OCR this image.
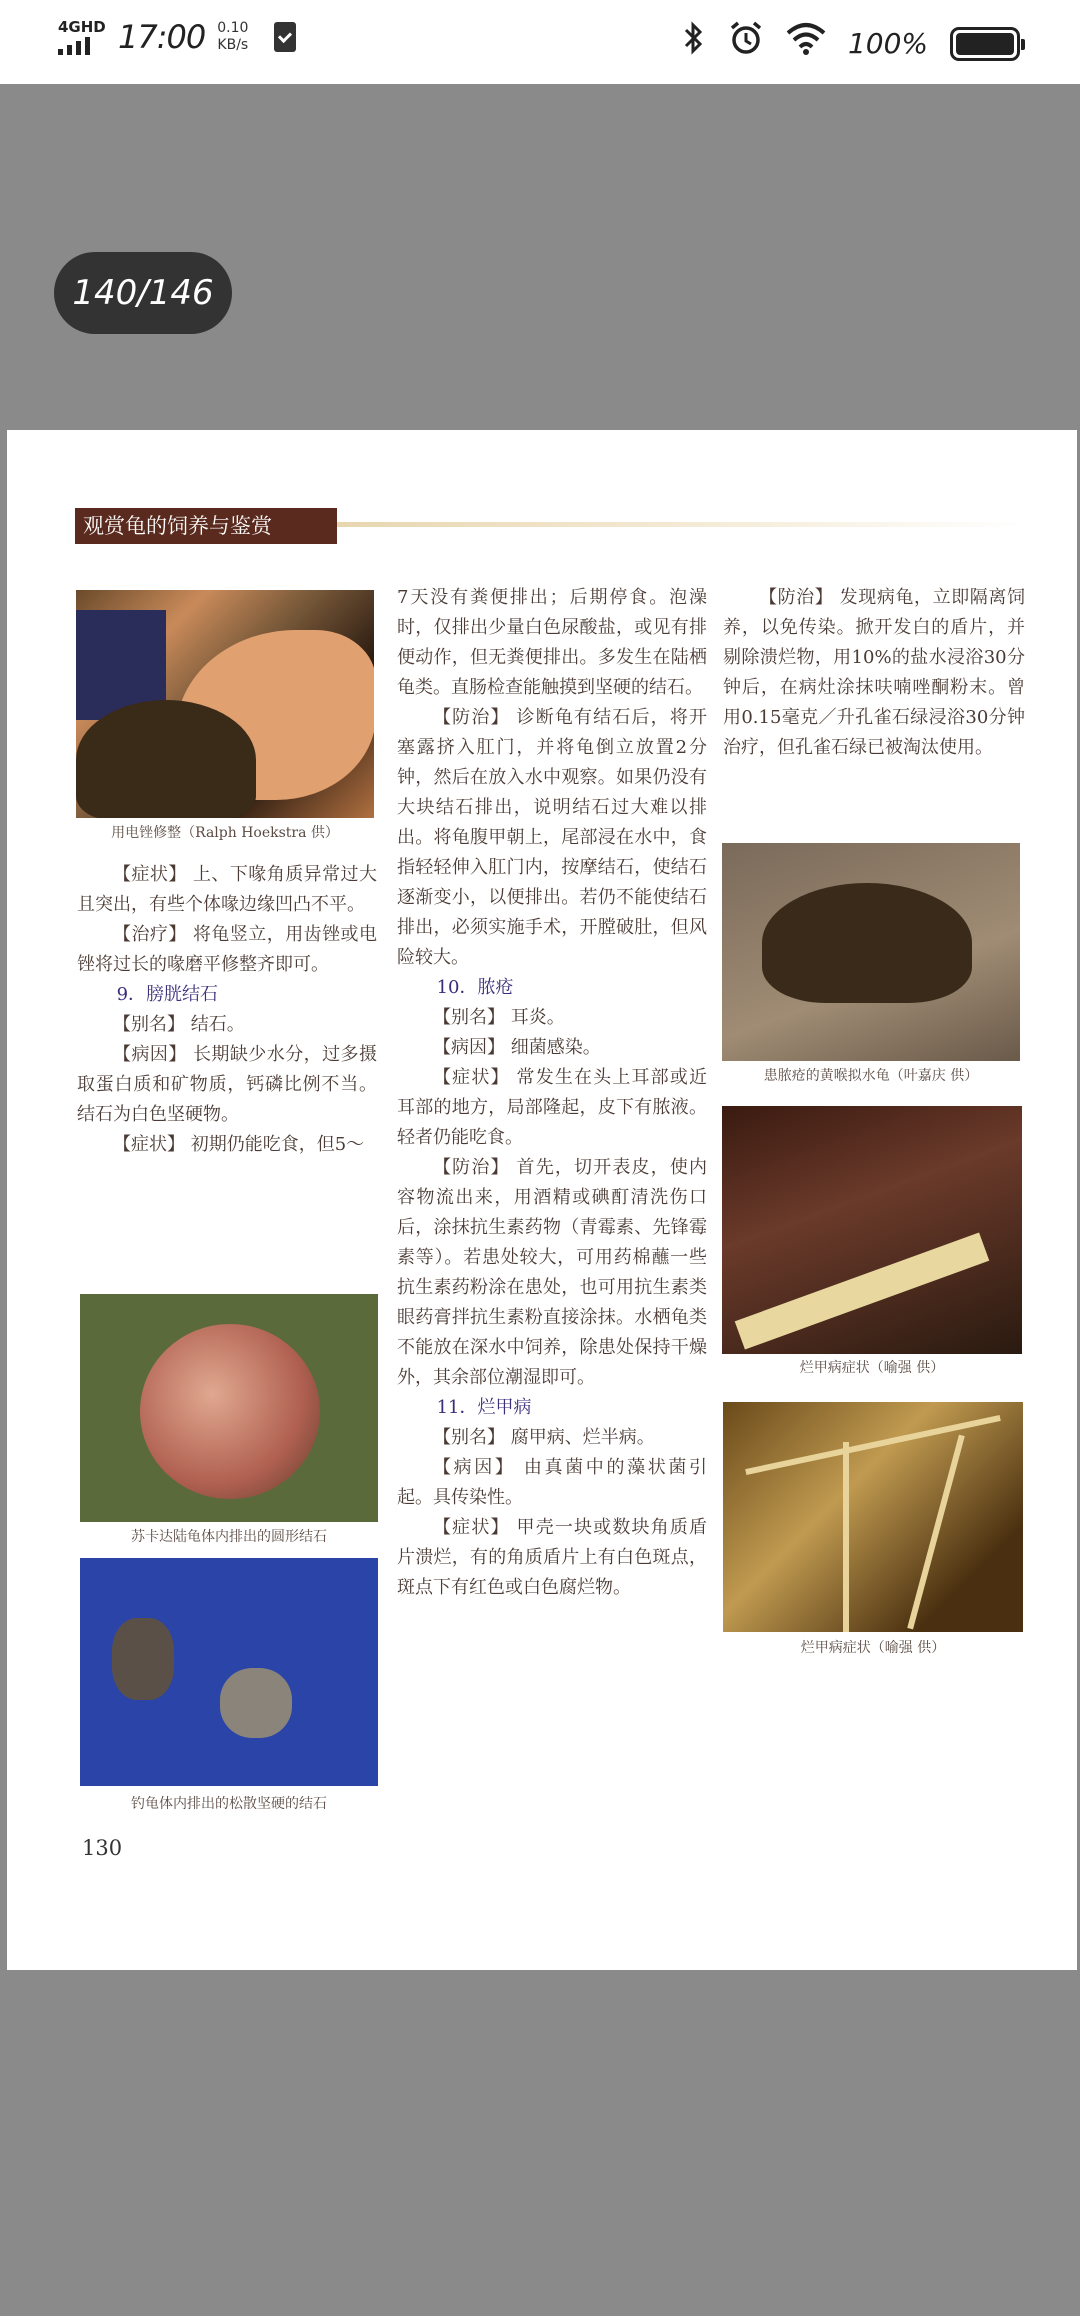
4GHD 17:00 0.10
KB/s	100%
140/146
观赏龟的饲养与鉴赏
用电锉修整（Ralph Hoekstra 供）

【症状】 上、下喙角质异常过大且突出，有些个体喙边缘凹凸不平。

【治疗】 将龟竖立，用齿锉或电锉将过长的喙磨平修整齐即可。

9．膀胱结石

【别名】 结石。

【病因】 长期缺少水分，过多摄取蛋白质和矿物质，钙磷比例不当。结石为白色坚硬物。

【症状】 初期仍能吃食，但5～

苏卡达陆龟体内排出的圆形结石
钓龟体内排出的松散坚硬的结石

7天没有粪便排出；后期停食。泡澡时，仅排出少量白色尿酸盐，或见有排便动作，但无粪便排出。多发生在陆栖龟类。直肠检查能触摸到坚硬的结石。

【防治】 诊断龟有结石后，将开塞露挤入肛门，并将龟倒立放置2分钟，然后在放入水中观察。如果仍没有大块结石排出，说明结石过大难以排出。将龟腹甲朝上，尾部浸在水中，食指轻轻伸入肛门内，按摩结石，使结石逐渐变小，以便排出。若仍不能使结石排出，必须实施手术，开膛破肚，但风险较大。

10．脓疮

【别名】 耳炎。

【病因】 细菌感染。

【症状】 常发生在头上耳部或近耳部的地方，局部隆起，皮下有脓液。轻者仍能吃食。

【防治】 首先，切开表皮，使内容物流出来，用酒精或碘酊清洗伤口后，涂抹抗生素药物（青霉素、先锋霉素等）。若患处较大，可用药棉蘸一些抗生素药粉涂在患处，也可用抗生素类眼药膏拌抗生素粉直接涂抹。水栖龟类不能放在深水中饲养，除患处保持干燥外，其余部位潮湿即可。

11．烂甲病

【别名】 腐甲病、烂半病。

【病因】 由真菌中的藻状菌引起。具传染性。

【症状】 甲壳一块或数块角质盾片溃烂，有的角质盾片上有白色斑点，斑点下有红色或白色腐烂物。

【防治】 发现病龟，立即隔离饲养，以免传染。掀开发白的盾片，并剔除溃烂物，用10%的盐水浸浴30分钟后，在病灶涂抹呋喃唑酮粉末。曾用0.15毫克／升孔雀石绿浸浴30分钟治疗，但孔雀石绿已被淘汰使用。

患脓疮的黄喉拟水龟（叶嘉庆 供）
烂甲病症状（喻强 供）
烂甲病症状（喻强 供）
130
